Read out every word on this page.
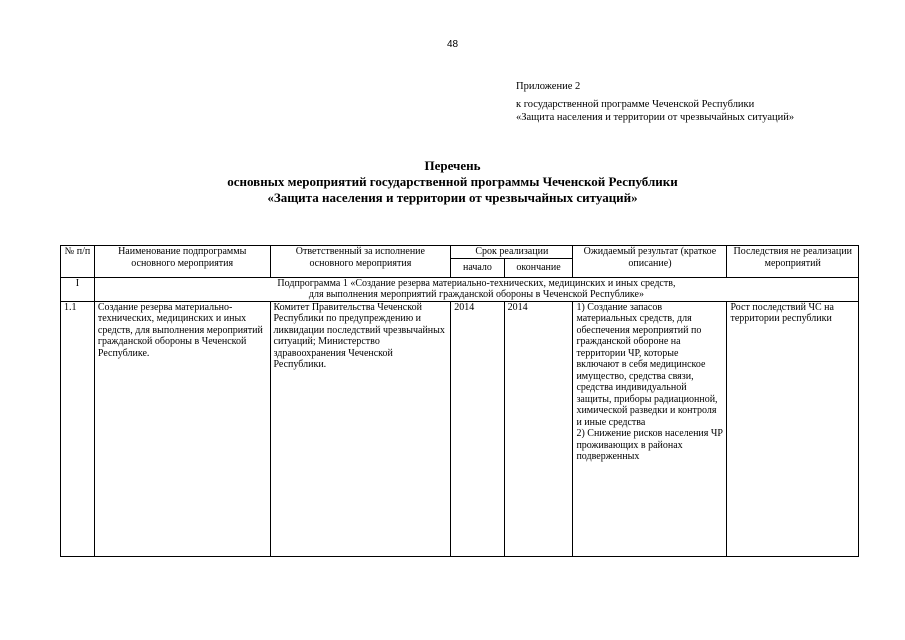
48
Приложение 2
к государственной программе Чеченской Республики
«Защита населения и территории от чрезвычайных ситуаций»
Перечень
основных мероприятий государственной программы Чеченской Республики
«Защита населения и территории от чрезвычайных ситуаций»
№ п/п	Наименование подпрограммы основного мероприятия	Ответственный за исполнение основного мероприятия	Срок реализации		Ожидаемый результат (краткое описание)	Последствия не реализации мероприятий
			начало	окончание		
I	Подпрограмма 1 «Создание резерва материально-технических, медицинских и иных средств,
для выполнения мероприятий гражданской обороны в Чеченской Республике»					

1.1	Создание резерва материально-технических, медицинских и иных средств, для выполнения мероприятий гражданской обороны в Чеченской Республике.	Комитет Правительства Чеченской Республики по предупреждению и ликвидации последствий чрезвычайных ситуаций; Министерство здравоохранения Чеченской Республики.	2014	2014	1) Создание запасов материальных средств, для обеспечения мероприятий по гражданской обороне на территории ЧР, которые включают в себя медицинское имущество, средства связи, средства индивидуальной защиты, приборы радиационной, химической разведки и контроля и иные средства
2) Снижение рисков населения ЧР проживающих в районах подверженных	Рост последствий ЧС на территории республики
